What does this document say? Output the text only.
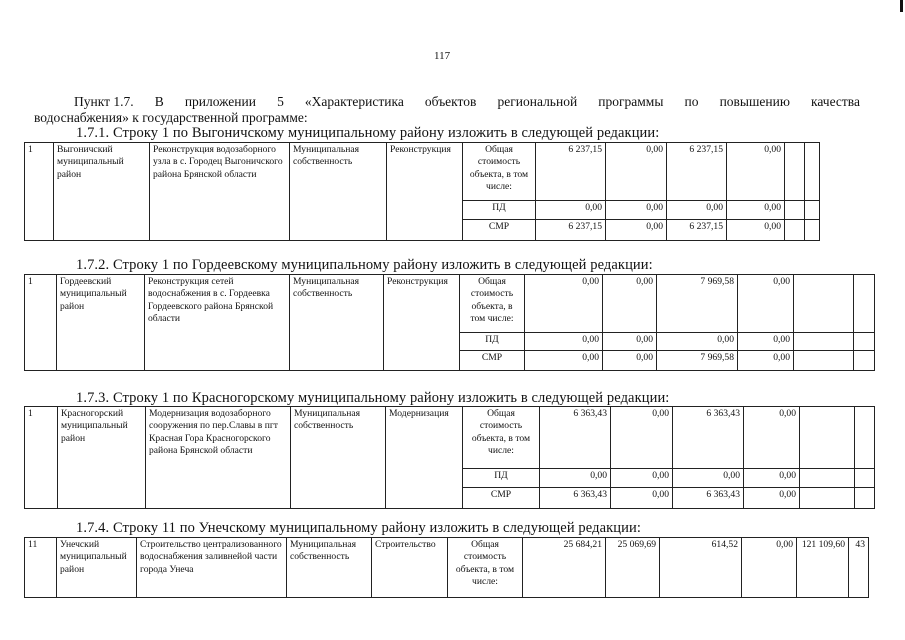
117
Пункт 1.7. В приложении 5 «Характеристика объектов региональной программы по повышению качества
водоснабжения» к государственной программе:
1.7.1. Строку 1 по Выгоничскому муниципальному району изложить в следующей редакции:
1	Выгоничский муниципальный район	Реконструкция водозаборного узла в с. Городец Выгоничского района Брянской области	Муниципальная собственность	Реконструкция	Общая стоимость объекта, в том числе:	6 237,15	0,00	6 237,15	0,00		
					ПД	0,00	0,00	0,00	0,00		
					СМР	6 237,15	0,00	6 237,15	0,00		
1.7.2. Строку 1 по Гордеевскому муниципальному району изложить в следующей редакции:
1	Гордеевский муниципальный район	Реконструкция сетей водоснабжения в с. Гордеевка Гордеевского района Брянской области	Муниципальная собственность	Реконструкция	Общая стоимость объекта, в том числе:	0,00	0,00	7 969,58	0,00		
					ПД	0,00	0,00	0,00	0,00		
					СМР	0,00	0,00	7 969,58	0,00		
1.7.3. Строку 1 по Красногорскому муниципальному району изложить в следующей редакции:
1	Красногорский муниципальный район	Модернизация водозаборного сооружения по пер.Славы в пгт Красная Гора Красногорского района Брянской области	Муниципальная собственность	Модернизация	Общая стоимость объекта, в том числе:	6 363,43	0,00	6 363,43	0,00		
					ПД	0,00	0,00	0,00	0,00		
					СМР	6 363,43	0,00	6 363,43	0,00		
1.7.4. Строку 11 по Унечскому муниципальному району изложить в следующей редакции:
11	Унечский муниципальный район	Строительство централизованного водоснабжения заливнейой части города Унеча	Муниципальная собственность	Строительство	Общая стоимость объекта, в том числе:	25 684,21	25 069,69	614,52	0,00	121 109,60	43
